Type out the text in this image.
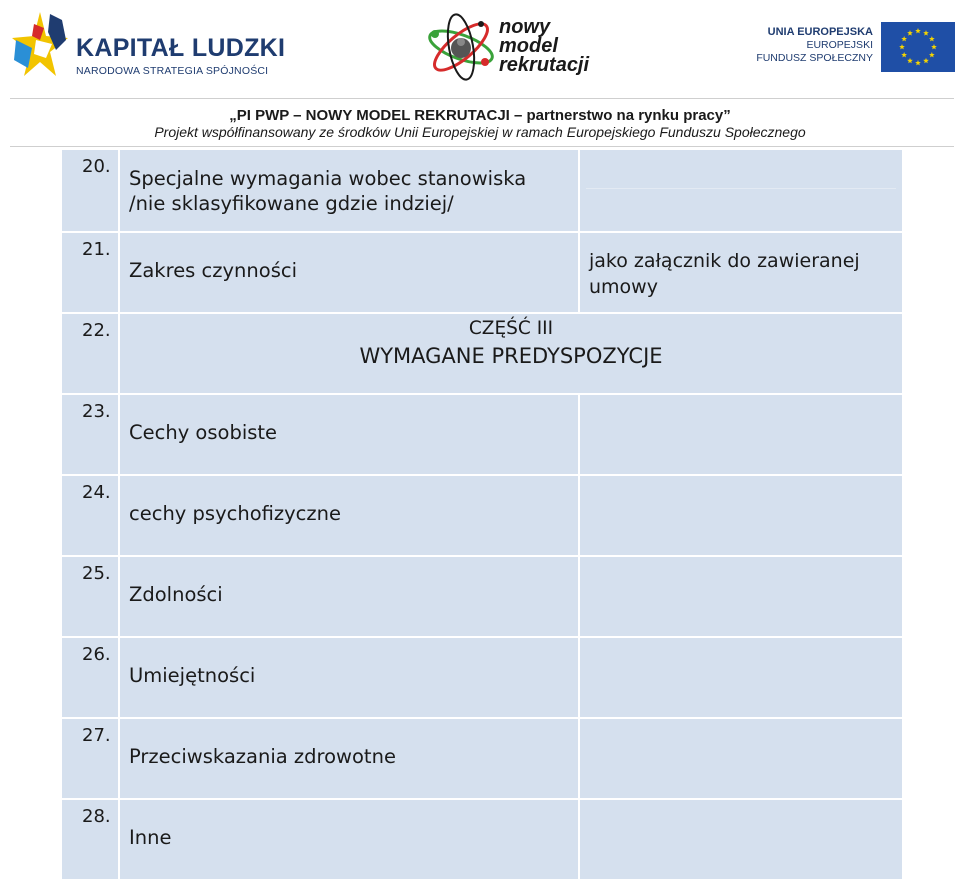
KAPITAŁ LUDZKI
NARODOWA STRATEGIA SPÓJNOŚCI
nowy
model
rekrutacji
UNIA EUROPEJSKA
EUROPEJSKI
FUNDUSZ SPOŁECZNY
„PI PWP – NOWY MODEL REKRUTACJI – partnerstwo na rynku pracy”
Projekt współfinansowany ze środków Unii Europejskiej w ramach Europejskiego Funduszu Społecznego
20.
Specjalne wymagania wobec stanowiska /nie sklasyfikowane gdzie indziej/
21.
Zakres czynności	jako załącznik do zawieranej umowy
22.	CZĘŚĆ III
WYMAGANE PREDYSPOZYCJE
23.
Cechy osobiste
24.
cechy psychofizyczne
25.
Zdolności
26.
Umiejętności
27.
Przeciwskazania zdrowotne
28.
Inne
